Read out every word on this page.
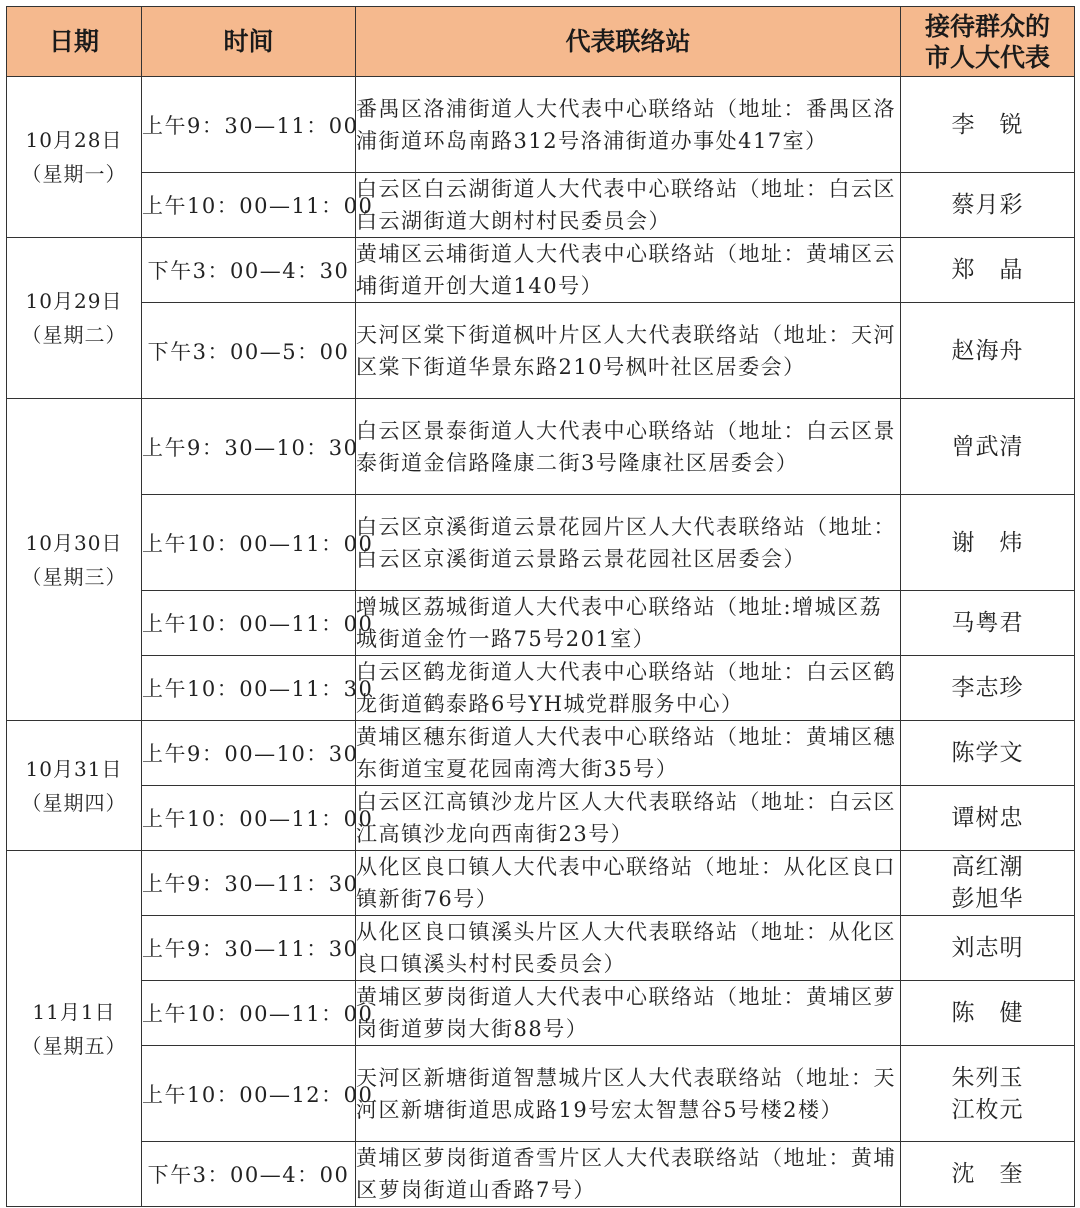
日期	时间	代表联络站	接待群众的
市人大代表

10月28日
（星期一）	上午9：30—11：00	番禺区洛浦街道人大代表中心联络站（地址：番禺区洛浦街道环岛南路312号洛浦街道办事处417室）	李　锐

	上午10：00—11：00	白云区白云湖街道人大代表中心联络站（地址：白云区白云湖街道大朗村村民委员会）	蔡月彩

10月29日
（星期二）	下午3：00—4：30	黄埔区云埔街道人大代表中心联络站（地址：黄埔区云埔街道开创大道140号）	郑　晶

	下午3：00—5：00	天河区棠下街道枫叶片区人大代表联络站（地址：天河区棠下街道华景东路210号枫叶社区居委会）	赵海舟

10月30日
（星期三）	上午9：30—10：30	白云区景泰街道人大代表中心联络站（地址：白云区景泰街道金信路隆康二街3号隆康社区居委会）	曾武清

	上午10：00—11：00	白云区京溪街道云景花园片区人大代表联络站（地址：白云区京溪街道云景路云景花园社区居委会）	谢　炜

	上午10：00—11：00	增城区荔城街道人大代表中心联络站（地址:增城区荔城街道金竹一路75号201室）	马粤君

	上午10：00—11：30	白云区鹤龙街道人大代表中心联络站（地址：白云区鹤龙街道鹤泰路6号YH城党群服务中心）	李志珍

10月31日
（星期四）	上午9：00—10：30	黄埔区穗东街道人大代表中心联络站（地址：黄埔区穗东街道宝夏花园南湾大街35号）	陈学文

	上午10：00—11：00	白云区江高镇沙龙片区人大代表联络站（地址：白云区江高镇沙龙向西南街23号）	谭树忠

11月1日
（星期五）	上午9：30—11：30	从化区良口镇人大代表中心联络站（地址：从化区良口镇新街76号）	高红潮
彭旭华

	上午9：30—11：30	从化区良口镇溪头片区人大代表联络站（地址：从化区良口镇溪头村村民委员会）	刘志明

	上午10：00—11：00	黄埔区萝岗街道人大代表中心联络站（地址：黄埔区萝岗街道萝岗大街88号）	陈　健

	上午10：00—12：00	天河区新塘街道智慧城片区人大代表联络站（地址：天河区新塘街道思成路19号宏太智慧谷5号楼2楼）	朱列玉
江枚元

	下午3：00—4：00	黄埔区萝岗街道香雪片区人大代表联络站（地址：黄埔区萝岗街道山香路7号）	沈　奎
